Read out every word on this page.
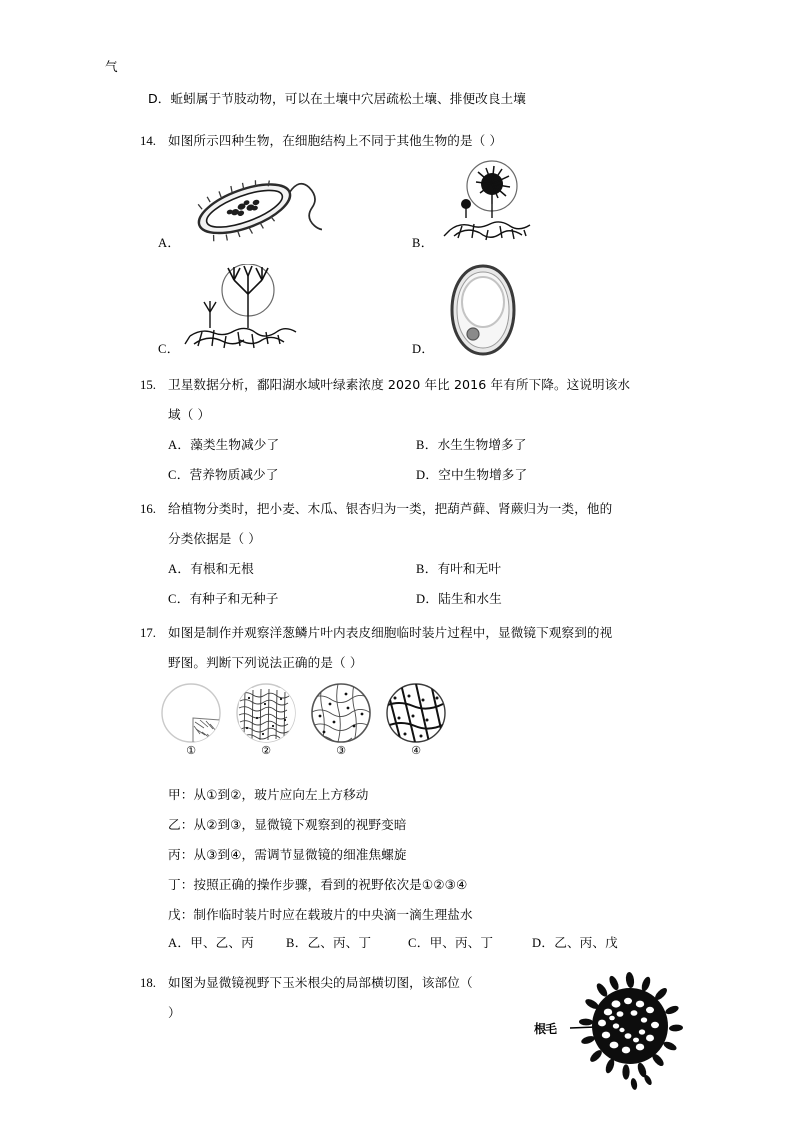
气
D．蚯蚓属于节肢动物，可以在土壤中穴居疏松土壤、排便改良土壤
14. 如图所示四种生物，在细胞结构上不同于其他生物的是（ ）
A．	B．
C．	D．
15. 卫星数据分析，鄱阳湖水域叶绿素浓度 2020 年比 2016 年有所下降。这说明该水
域（ ）
A．藻类生物减少了	B．水生生物增多了
C．营养物质减少了	D．空中生物增多了
16. 给植物分类时，把小麦、木瓜、银杏归为一类，把葫芦藓、肾蕨归为一类，他的
分类依据是（ ）
A．有根和无根	B．有叶和无叶
C．有种子和无种子	D．陆生和水生
17. 如图是制作并观察洋葱鳞片叶内表皮细胞临时装片过程中，显微镜下观察到的视
野图。判断下列说法正确的是（ ）
①	②	③	④
甲：从①到②，玻片应向左上方移动
乙：从②到③，显微镜下观察到的视野变暗
丙：从③到④，需调节显微镜的细准焦螺旋
丁：按照正确的操作步骤，看到的祝野依次是①②③④
戊：制作临时装片时应在载玻片的中央滴一滴生理盐水
A．甲、乙、丙	B．乙、丙、丁	C．甲、丙、丁	D．乙、丙、戊
18. 如图为显微镜视野下玉米根尖的局部横切图，该部位（
）
根毛
